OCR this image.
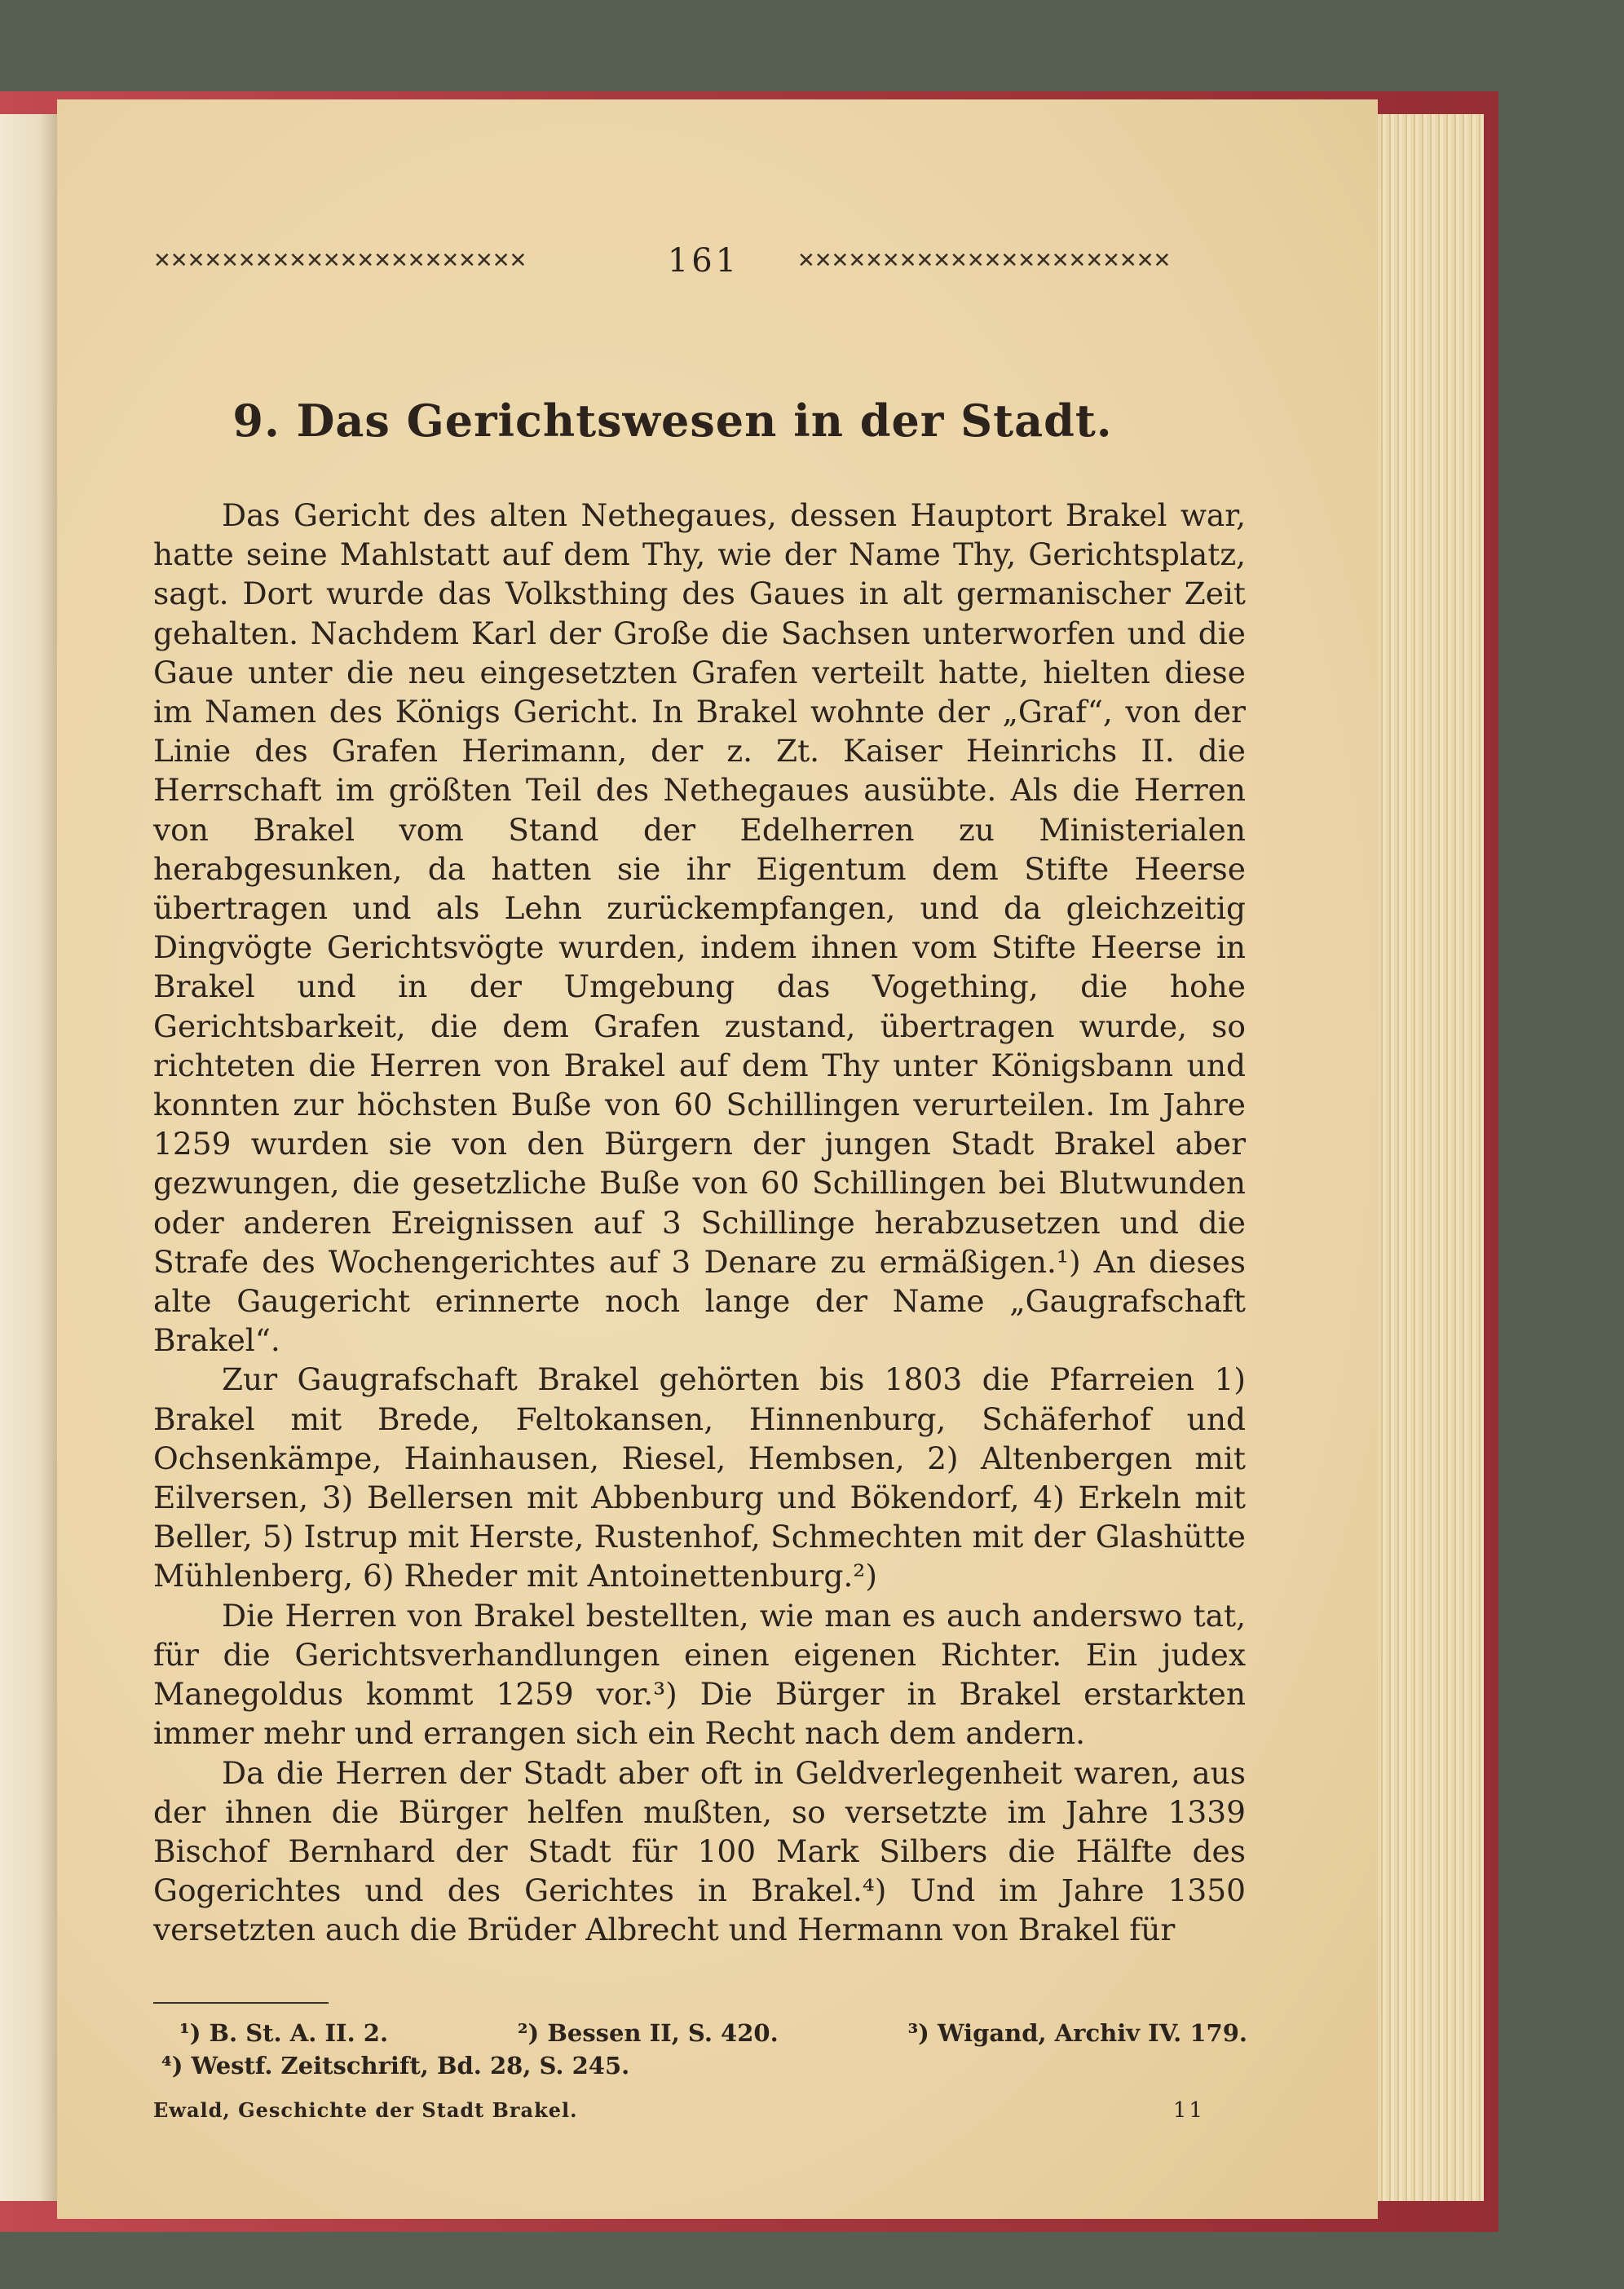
✕✕✕✕✕✕✕✕✕✕✕✕✕✕✕✕✕✕✕✕✕✕	161	✕✕✕✕✕✕✕✕✕✕✕✕✕✕✕✕✕✕✕✕✕✕
9. Das Gerichtswesen in der Stadt.

Das Gericht des alten Nethegaues, dessen Hauptort Brakel war, hatte seine Mahlstatt auf dem Thy, wie der Name Thy, Gerichtsplatz, sagt. Dort wurde das Volksthing des Gaues in alt germanischer Zeit gehalten. Nachdem Karl der Große die Sachsen unterworfen und die Gaue unter die neu eingesetzten Grafen verteilt hatte, hielten diese im Namen des Königs Gericht. In Brakel wohnte der „Graf“, von der Linie des Grafen Herimann, der z. Zt. Kaiser Heinrichs II. die Herrschaft im größten Teil des Nethegaues ausübte. Als die Herren von Brakel vom Stand der Edelherren zu Ministerialen herabgesunken, da hatten sie ihr Eigentum dem Stifte Heerse übertragen und als Lehn zurückempfangen, und da gleichzeitig Dingvögte Gerichtsvögte wurden, indem ihnen vom Stifte Heerse in Brakel und in der Umgebung das Vogething, die hohe Gerichtsbarkeit, die dem Grafen zustand, übertragen wurde, so richteten die Herren von Brakel auf dem Thy unter Königsbann und konnten zur höchsten Buße von 60 Schillingen verurteilen. Im Jahre 1259 wurden sie von den Bürgern der jungen Stadt Brakel aber gezwungen, die gesetzliche Buße von 60 Schillingen bei Blutwunden oder anderen Ereignissen auf 3 Schillinge herabzusetzen und die Strafe des Wochengerichtes auf 3 Denare zu ermäßigen.¹) An dieses alte Gaugericht erinnerte noch lange der Name „Gaugrafschaft Brakel“.

Zur Gaugrafschaft Brakel gehörten bis 1803 die Pfarreien 1) Brakel mit Brede, Feltokansen, Hinnenburg, Schäferhof und Ochsenkämpe, Hainhausen, Riesel, Hembsen, 2) Altenbergen mit Eilversen, 3) Bellersen mit Abbenburg und Bökendorf, 4) Erkeln mit Beller, 5) Istrup mit Herste, Rustenhof, Schmechten mit der Glashütte Mühlenberg, 6) Rheder mit Antoinettenburg.²)

Die Herren von Brakel bestellten, wie man es auch anderswo tat, für die Gerichtsverhandlungen einen eigenen Richter. Ein judex Manegoldus kommt 1259 vor.³) Die Bürger in Brakel erstarkten immer mehr und errangen sich ein Recht nach dem andern.

Da die Herren der Stadt aber oft in Geldverlegenheit waren, aus der ihnen die Bürger helfen mußten, so versetzte im Jahre 1339 Bischof Bernhard der Stadt für 100 Mark Silbers die Hälfte des Gogerichtes und des Gerichtes in Brakel.⁴) Und im Jahre 1350 versetzten auch die Brüder Albrecht und Hermann von Brakel für

¹) B. St. A. II. 2.	²) Bessen II, S. 420.	³) Wigand, Archiv IV. 179.
⁴) Westf. Zeitschrift, Bd. 28, S. 245.
Ewald, Geschichte der Stadt Brakel.	11
